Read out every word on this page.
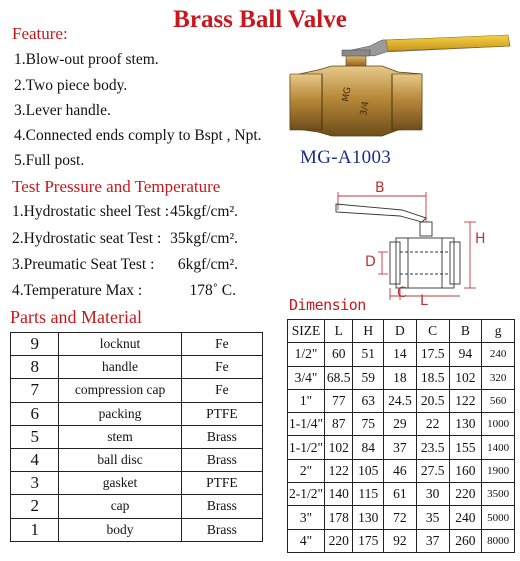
Brass Ball Valve
Feature:
1.Blow-out proof stem.
2.Two piece body.
3.Lever handle.
4.Connected ends comply to Bspt , Npt.
5.Full post.
MG
3/4
MG-A1003
Test Pressure and Temperature
1.Hydrostatic sheel Test :45kgf/cm².
2.Hydrostatic seat Test : 35kgf/cm².
3.Preumatic Seat Test : 6kgf/cm².
4.Temperature Max :	178˚ C.
B
H
D
C L
Parts and Material
9	locknut	Fe
8	handle	Fe
7	compression cap	Fe
6	packing	PTFE
5	stem	Brass
4	ball disc	Brass
3	gasket	PTFE
2	cap	Brass
1	body	Brass
Dimension
SIZE	L	H	D	C	B	g
1/2"	60	51	14	17.5	94	240
3/4"	68.5	59	18	18.5	102	320
1"	77	63	24.5	20.5	122	560
1-1/4"	87	75	29	22	130	1000
1-1/2"	102	84	37	23.5	155	1400
2"	122	105	46	27.5	160	1900
2-1/2"	140	115	61	30	220	3500
3"	178	130	72	35	240	5000
4"	220	175	92	37	260	8000
